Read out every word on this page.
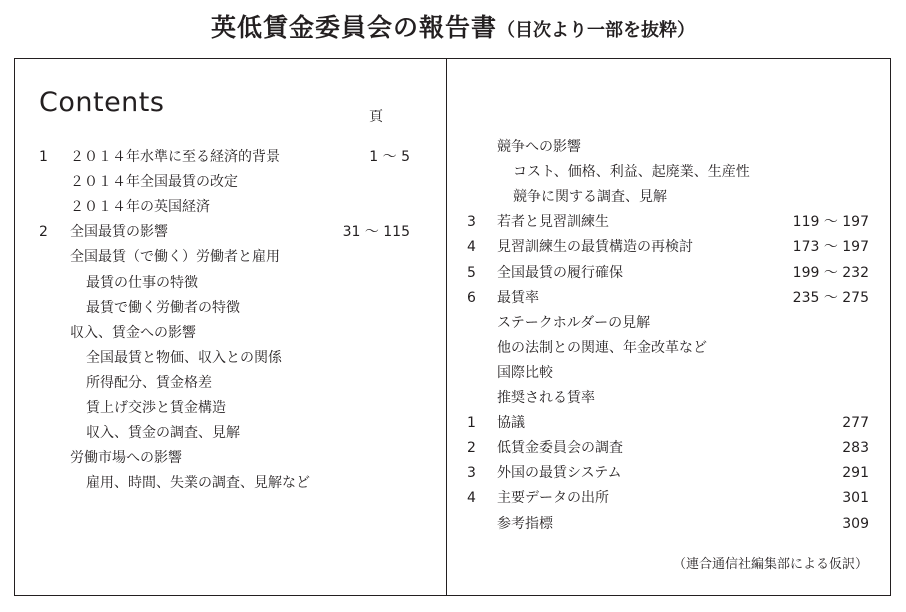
英低賃金委員会の報告書（目次より一部を抜粋）
Contents	頁
1 ２０１４年水準に至る経済的背景	1 ～ 5
２０１４年全国最賃の改定
２０１４年の英国経済
2 全国最賃の影響	31 ～ 115
全国最賃（で働く）労働者と雇用
最賃の仕事の特徴
最賃で働く労働者の特徴
収入、賃金への影響
全国最賃と物価、収入との関係
所得配分、賃金格差
賃上げ交渉と賃金構造
収入、賃金の調査、見解
労働市場への影響
雇用、時間、失業の調査、見解など
競争への影響
コスト、価格、利益、起廃業、生産性
競争に関する調査、見解
3 若者と見習訓練生	119 ～ 197
4 見習訓練生の最賃構造の再検討	173 ～ 197
5 全国最賃の履行確保	199 ～ 232
6 最賃率	235 ～ 275
ステークホルダーの見解
他の法制との関連、年金改革など
国際比較
推奨される賃率
1 協議	277
2 低賃金委員会の調査	283
3 外国の最賃システム	291
4 主要データの出所	301
参考指標	309
（連合通信社編集部による仮訳）
